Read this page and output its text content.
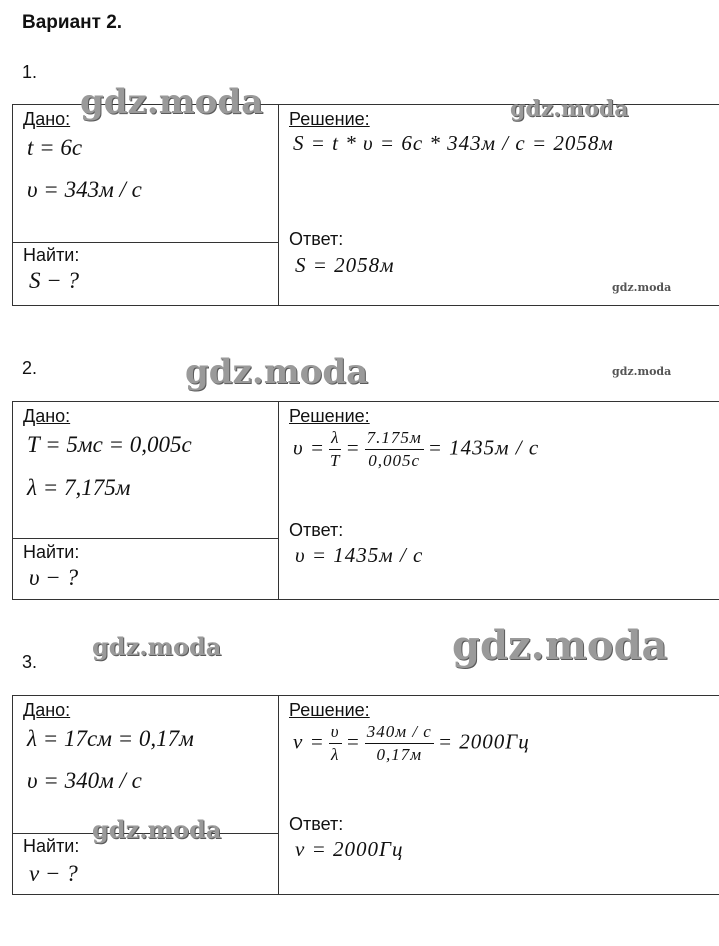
Вариант 2.
1.
Дано:
t = 6c
υ = 343м / с
Найти:
S − ?
Решение:
S = t * υ = 6c * 343м / с = 2058м
Ответ:
S = 2058м
2.
Дано:
T = 5мс = 0,005c
λ = 7,175м
Найти:
υ − ?
Решение:
$\upsilon = \frac{\lambda}{T} = \frac{7.175м}{0,005c} = 1435м / с$
Ответ:
υ = 1435м / с
3.
Дано:
λ = 17см = 0,17м
υ = 340м / с
Найти:
ν − ?
Решение:
$\nu = \frac{\upsilon}{\lambda} = \frac{340м / с}{0,17м} = 2000Гц$
Ответ:
ν = 2000Гц
gdz.moda	gdz.moda
gdz.moda
gdz.moda	gdz.moda
gdz.moda	gdz.moda
gdz.moda
